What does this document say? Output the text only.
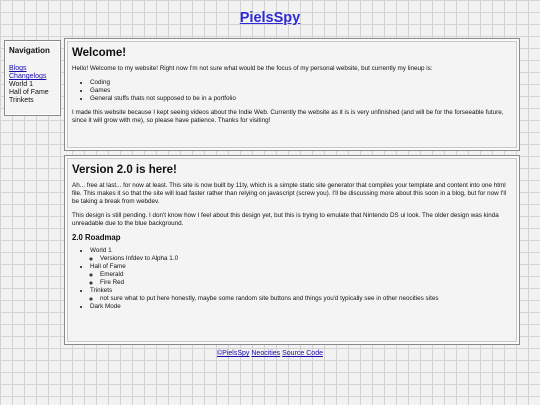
PielsSpy
Navigation
Blogs
Changelogs
World 1
Hall of Fame
Trinkets
Welcome!

Hello! Welcome to my website! Right now I'm not sure what would be the focus of my personal website, but currently my lineup is:

• Coding
• Games
• General stuffs thats not supposed to be in a portfolio

I made this website because I kept seeing videos about the Indie Web. Currently the website as it is is very unfinished (and will be for the forseeable future, since it will grow with me), so please have patience. Thanks for visiting!

Version 2.0 is here!

Ah... free at last... for now at least. This site is now built by 11ty, which is a simple static site generator that compiles your template and content into one html file. This makes it so that the site will load faster rather than relying on javascript (screw you). I'll be discussing more about this soon in a blog, but for now I'll be taking a break from webdev.

This design is still pending. I don't know how I feel about this design yet, but this is trying to emulate that Nintendo DS ui look. The older design was kinda unreadable due to the blue background.

2.0 Roadmap
• World 1
◦ Versions Infdev to Alpha 1.0
• Hall of Fame
◦ Emerald
◦ Fire Red
• Trinkets
◦ not sure what to put here honestly, maybe some random site buttons and things you'd typically see in other neocities sites
• Dark Mode
©PielsSpy Neocities Source Code
